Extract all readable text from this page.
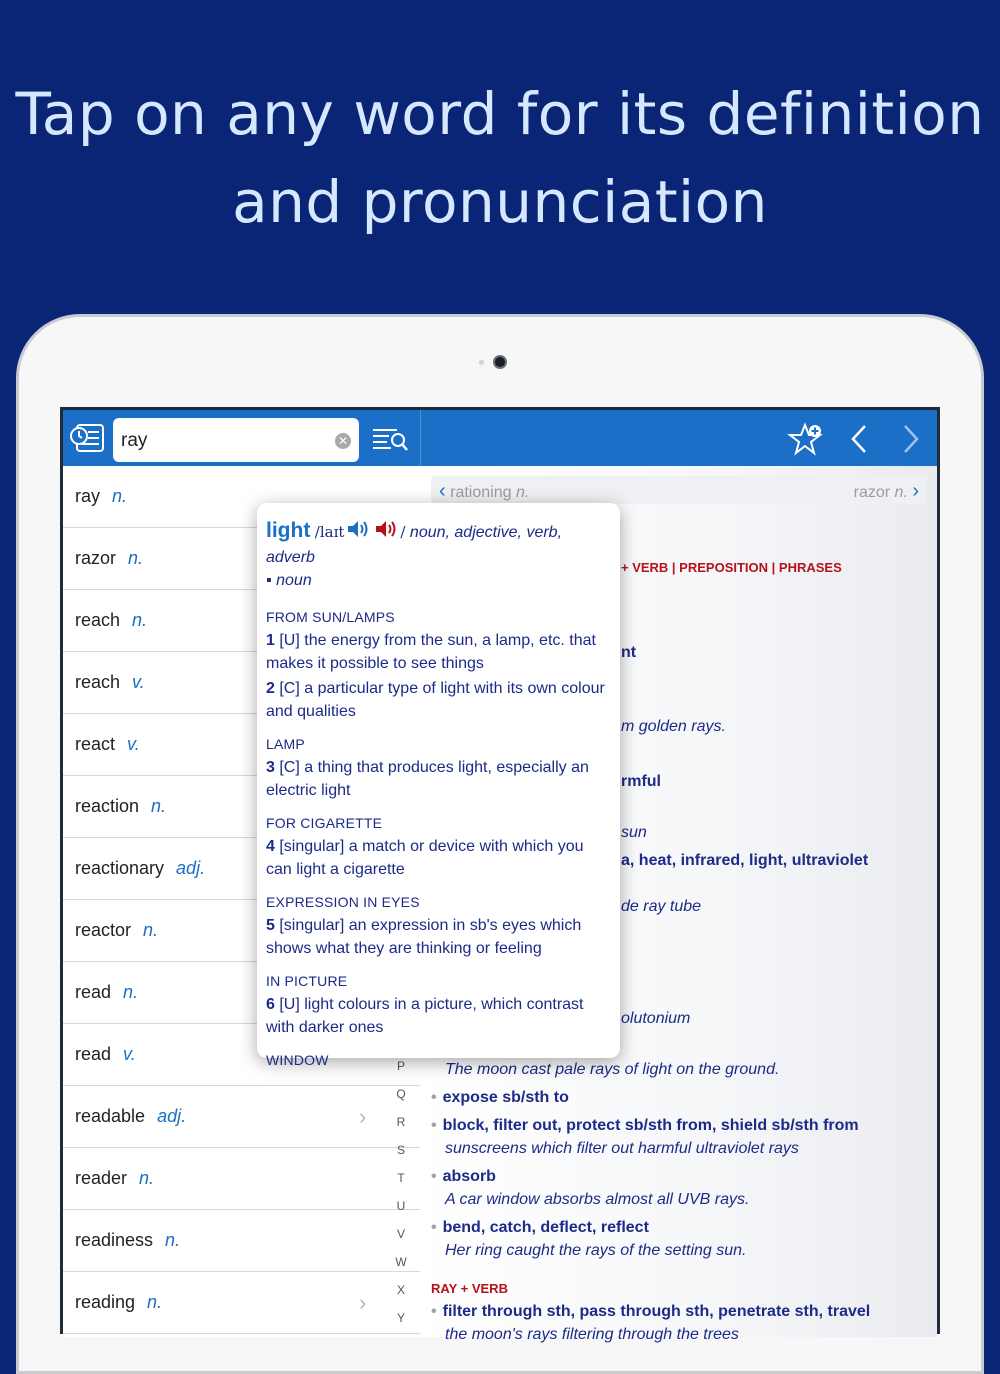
Tap on any word for its definition
and pronunciation
ray
✕
ray n.
razor n.
reach n.
reach v.
react v.
reaction n.
reactionary adj.
reactor n.
read n.
read v.
readable adj.	›
reader n.
readiness n.
reading n.	›
P
Q
R
S
T
U
V
W
X
Y
‹ rationing n.	razor n. ›
+ VERB | PREPOSITION | PHRASES
nt
m golden rays.
rmful
sun
a, heat, infrared, light, ultraviolet
de ray tube
olutonium
The moon cast pale rays of light on the ground.
• expose sb/sth to
• block, filter out, protect sb/sth from, shield sb/sth from
sunscreens which filter out harmful ultraviolet rays
• absorb
A car window absorbs almost all UVB rays.
• bend, catch, deflect, reflect
Her ring caught the rays of the setting sun.
RAY + VERB
• filter through sth, pass through sth, penetrate sth, travel
the moon's rays filtering through the trees
light /laɪt	/ noun, adjective, verb, adverb
▪ noun
FROM SUN/LAMPS
1 [U] the energy from the sun, a lamp, etc. that makes it possible to see things
2 [C] a particular type of light with its own colour and qualities
LAMP
3 [C] a thing that produces light, especially an electric light
FOR CIGARETTE
4 [singular] a match or device with which you can light a cigarette
EXPRESSION IN EYES
5 [singular] an expression in sb's eyes which shows what they are thinking or feeling
IN PICTURE
6 [U] light colours in a picture, which contrast with darker ones
WINDOW
